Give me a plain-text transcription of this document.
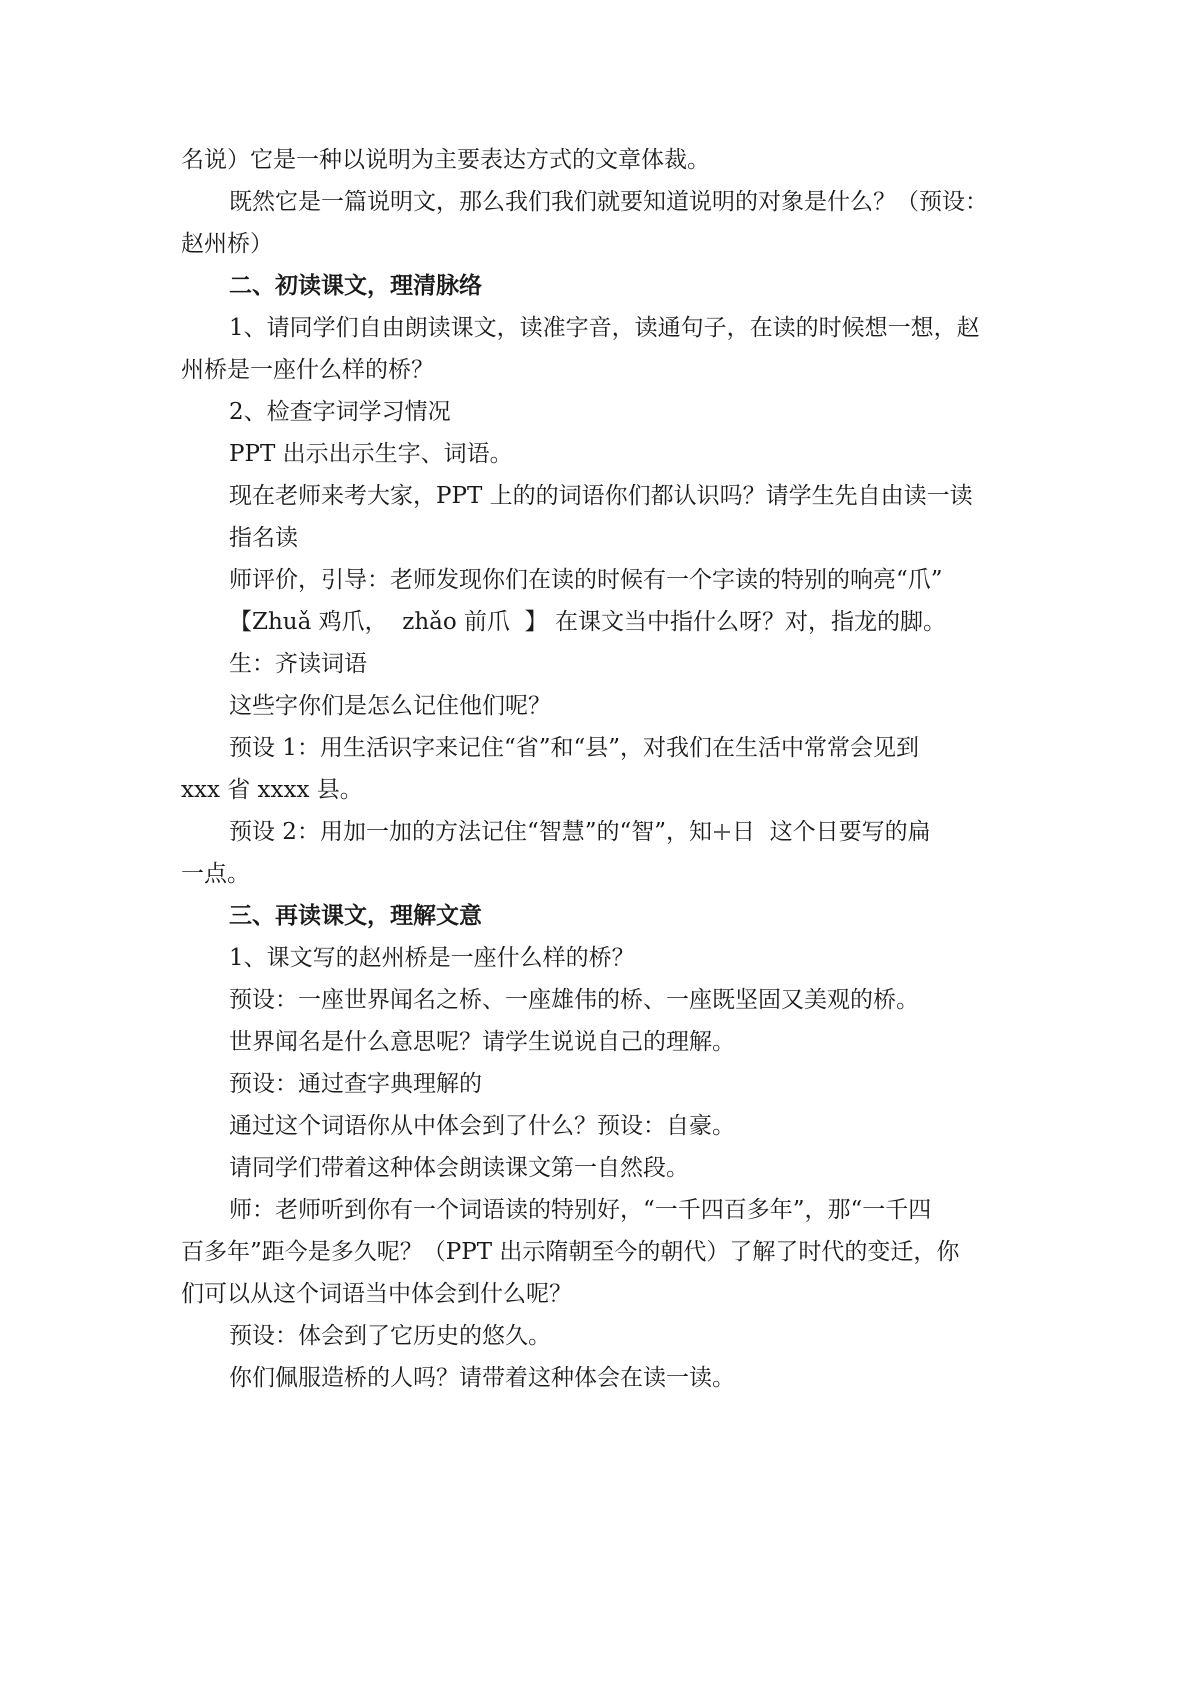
名说）它是一种以说明为主要表达方式的文章体裁。
既然它是一篇说明文，那么我们我们就要知道说明的对象是什么？（预设：
赵州桥）
二、初读课文，理清脉络
1、请同学们自由朗读课文，读准字音，读通句子，在读的时候想一想，赵
州桥是一座什么样的桥？
2、检查字词学习情况
PPT 出示出示生字、词语。
现在老师来考大家，PPT 上的的词语你们都认识吗？请学生先自由读一读
指名读
师评价，引导：老师发现你们在读的时候有一个字读的特别的响亮“爪”
【Zhuǎ 鸡爪，  zhǎo 前爪  】 在课文当中指什么呀？对，指龙的脚。
生：齐读词语
这些字你们是怎么记住他们呢？
预设 1：用生活识字来记住“省”和“县”，对我们在生活中常常会见到
xxx 省 xxxx 县。
预设 2：用加一加的方法记住“智慧”的“智”，知 日  这个日要写的扁
一点。
三、再读课文，理解文意
1、课文写的赵州桥是一座什么样的桥？
预设：一座世界闻名之桥、一座雄伟的桥、一座既坚固又美观的桥。
世界闻名是什么意思呢？请学生说说自己的理解。
预设：通过查字典理解的
通过这个词语你从中体会到了什么？预设：自豪。
请同学们带着这种体会朗读课文第一自然段。
师：老师听到你有一个词语读的特别好，“一千四百多年”，那“一千四
百多年”距今是多久呢？（PPT 出示隋朝至今的朝代）了解了时代的变迁，你
们可以从这个词语当中体会到什么呢？
预设：体会到了它历史的悠久。
你们佩服造桥的人吗？请带着这种体会在读一读。
